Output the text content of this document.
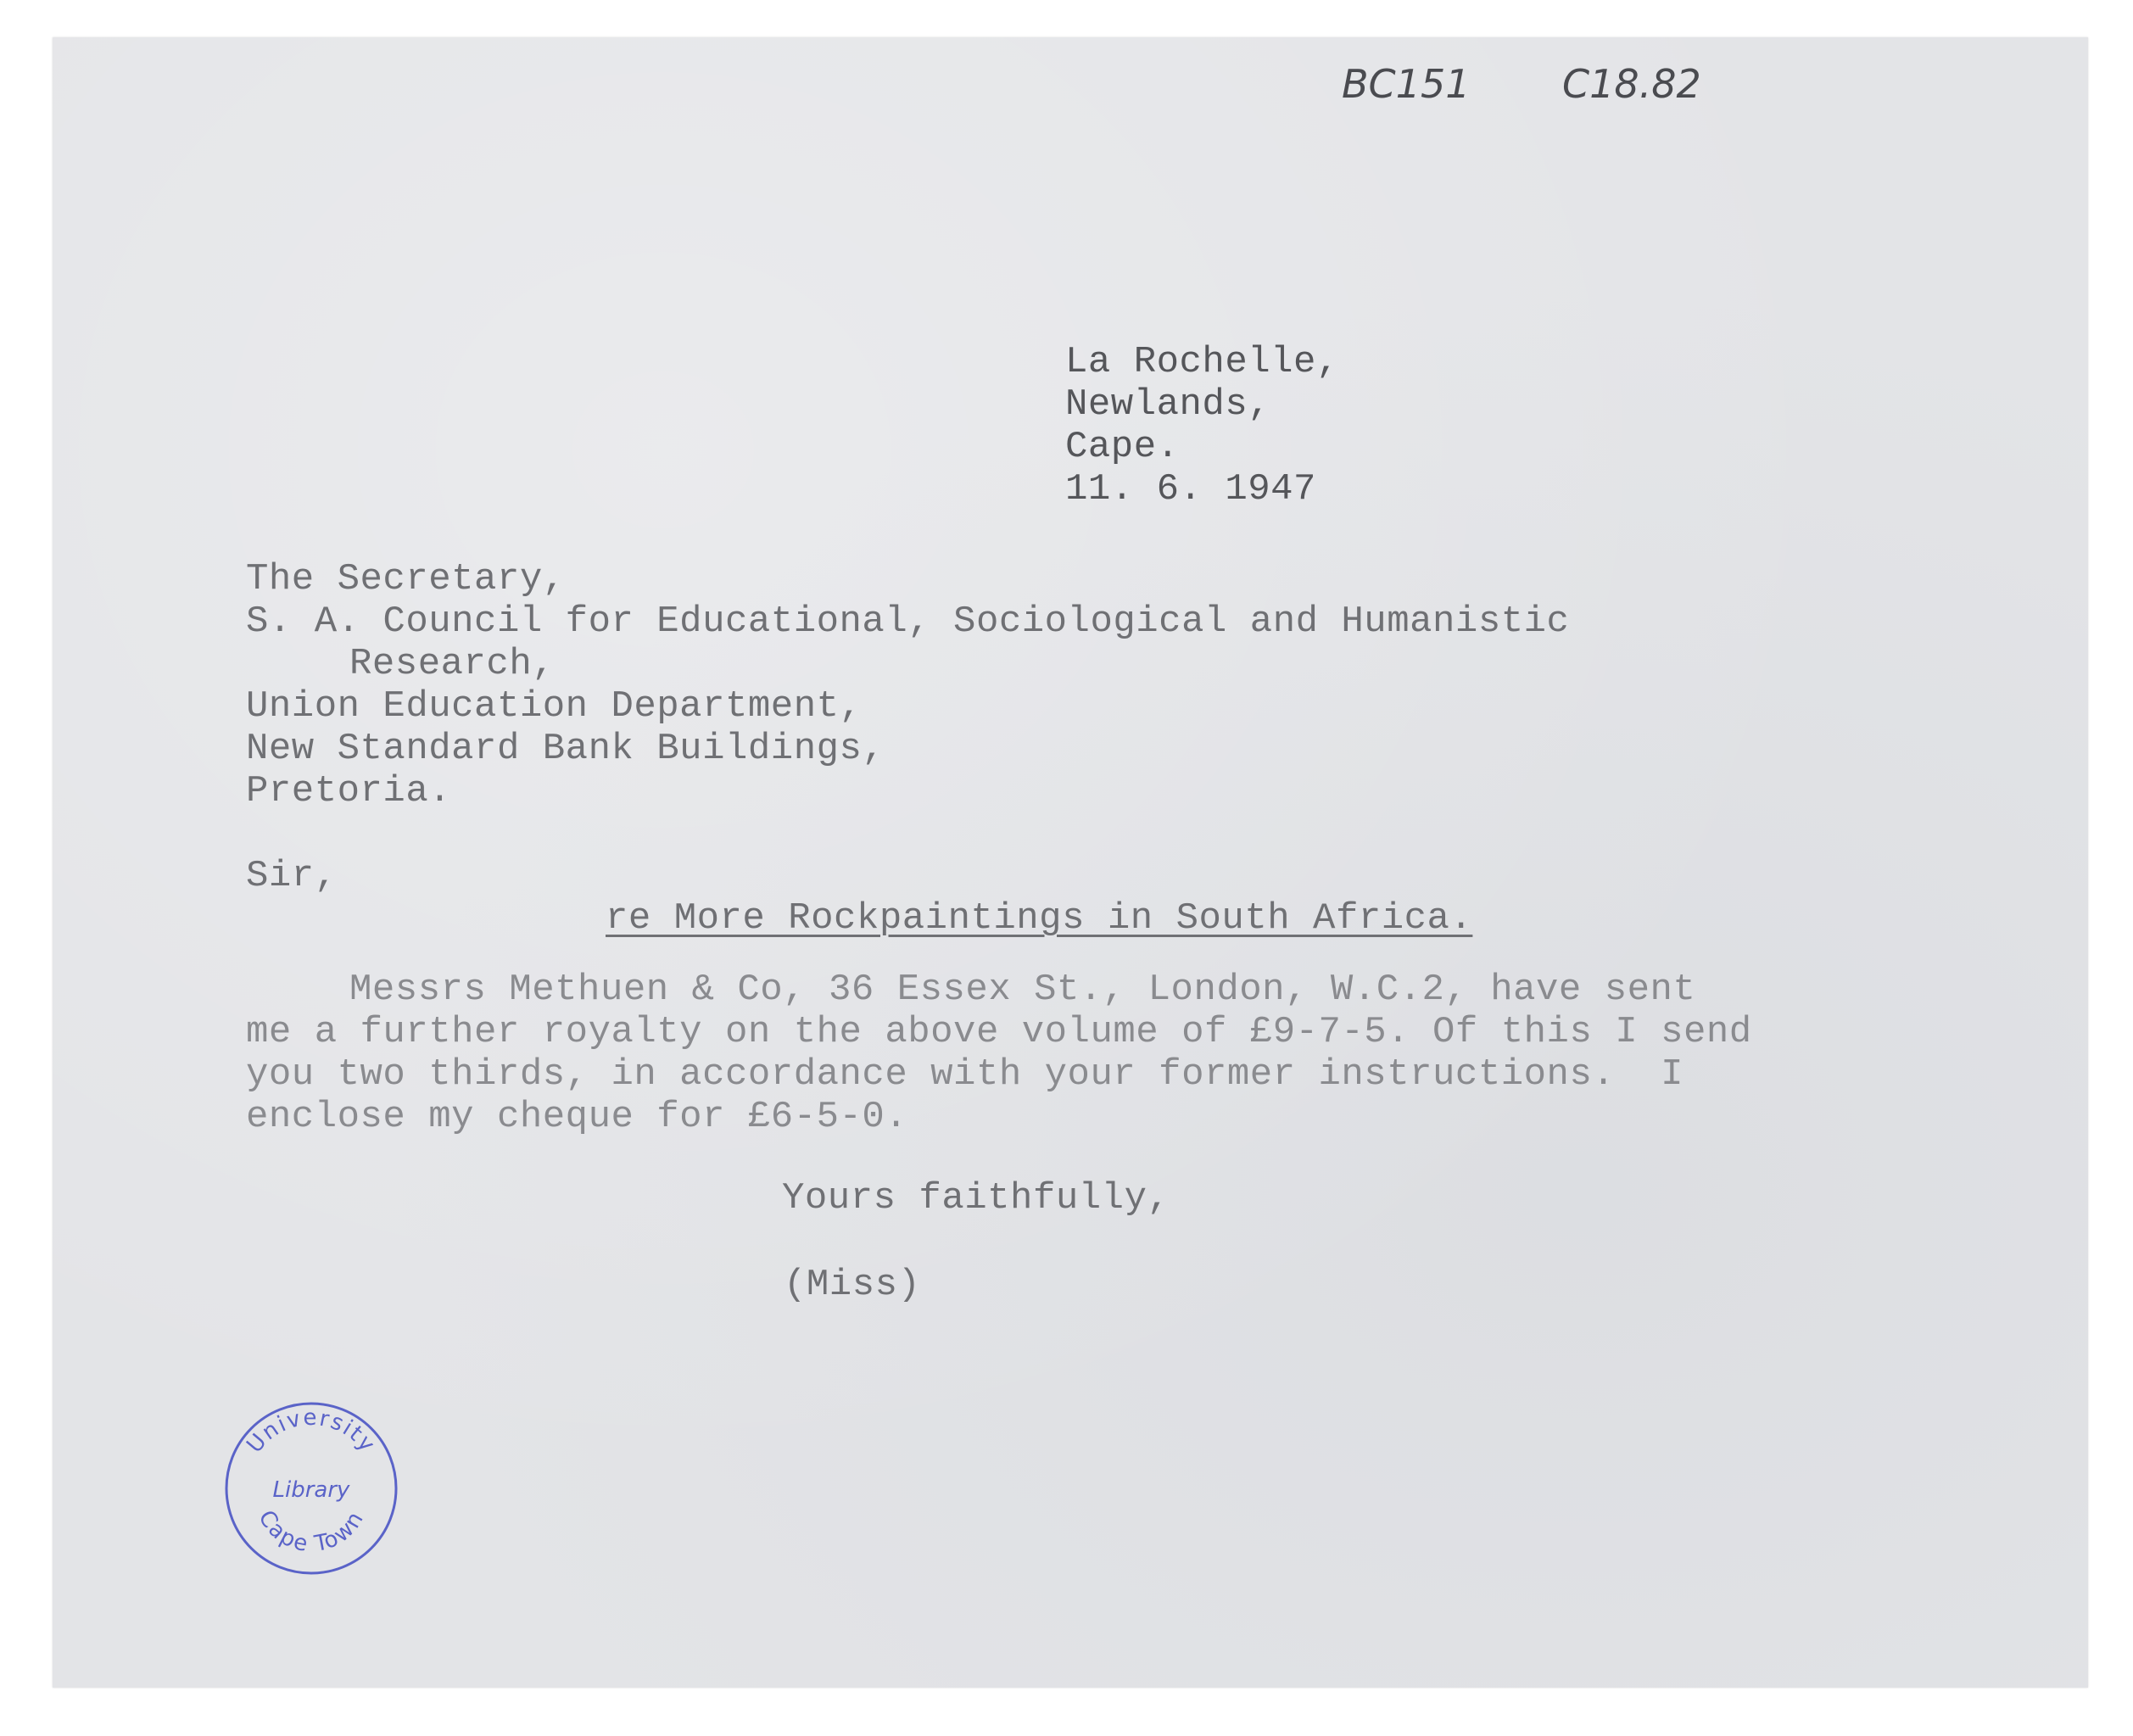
BC151 C18.82

La Rochelle,

Newlands,

Cape.

11. 6. 1947

The Secretary,

S. A. Council for Educational, Sociological and Humanistic

Research,

Union Education Department,

New Standard Bank Buildings,

Pretoria.

Sir,

re More Rockpaintings in South Africa.

Messrs Methuen & Co, 36 Essex St., London, W.C.2, have sent

me a further royalty on the above volume of £9-7-5. Of this I send

you two thirds, in accordance with your former instructions.  I

enclose my cheque for £6-5-0.

Yours faithfully,

(Miss)

University
Library
Cape Town
